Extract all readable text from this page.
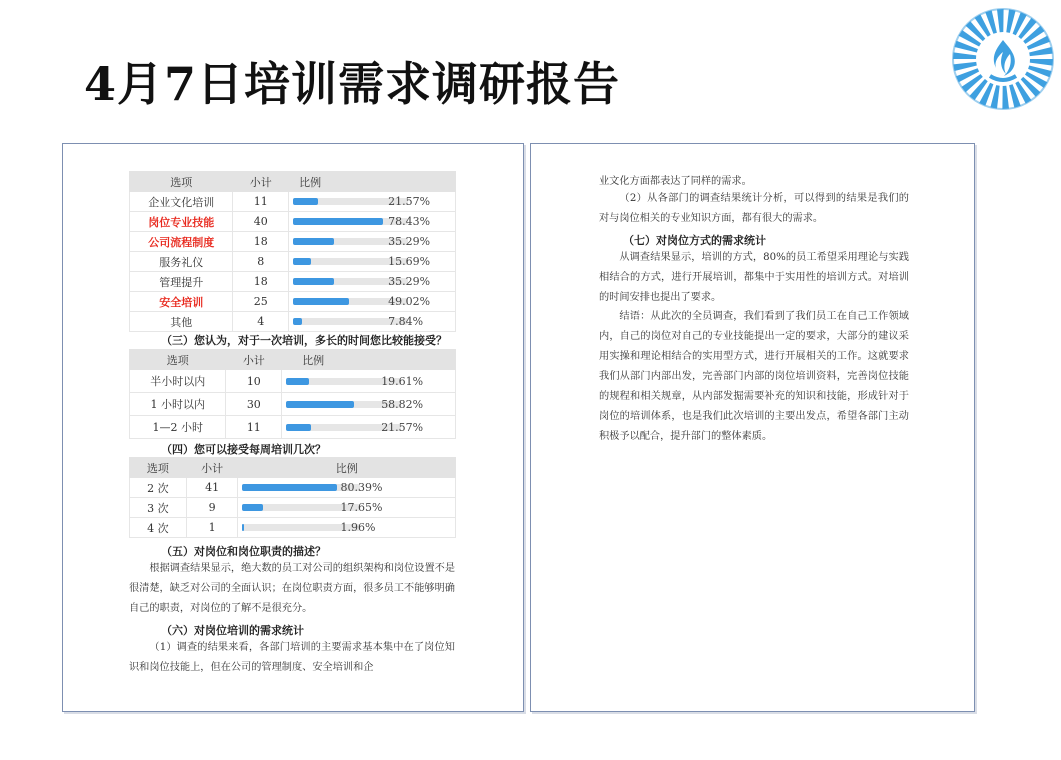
4月7日培训需求调研报告
选项	小计	比例
企业文化培训	11	21.57%
岗位专业技能	40	78.43%
公司流程制度	18	35.29%
服务礼仪	8	15.69%
管理提升	18	35.29%
安全培训	25	49.02%
其他	4	7.84%
（三）您认为，对于一次培训，多长的时间您比较能接受？
选项	小计	比例
半小时以内	10	19.61%
1 小时以内	30	58.82%
1—2 小时	11	21.57%
（四）您可以接受每周培训几次？
选项	小计	比例
2 次	41	80.39%
3 次	9	17.65%
4 次	1	1.96%
（五）对岗位和岗位职责的描述？
根据调查结果显示，绝大数的员工对公司的组织架构和岗位设置不是很清楚，缺乏对公司的全面认识；在岗位职责方面，很多员工不能够明确自己的职责，对岗位的了解不是很充分。
（六）对岗位培训的需求统计
（1）调查的结果来看，各部门培训的主要需求基本集中在了岗位知识和岗位技能上，但在公司的管理制度、安全培训和企
业文化方面都表达了同样的需求。
（2）从各部门的调查结果统计分析，可以得到的结果是我们的对与岗位相关的专业知识方面，都有很大的需求。
（七）对岗位方式的需求统计
从调查结果显示，培训的方式，80%的员工希望采用理论与实践相结合的方式，进行开展培训，都集中于实用性的培训方式。对培训的时间安排也提出了要求。
结语：从此次的全员调查，我们看到了我们员工在自己工作领域内，自己的岗位对自己的专业技能提出一定的要求，大部分的建议采用实操和理论相结合的实用型方式，进行开展相关的工作。这就要求我们从部门内部出发，完善部门内部的岗位培训资料，完善岗位技能的规程和相关规章，从内部发掘需要补充的知识和技能，形成针对于岗位的培训体系，也是我们此次培训的主要出发点，希望各部门主动积极予以配合，提升部门的整体素质。
